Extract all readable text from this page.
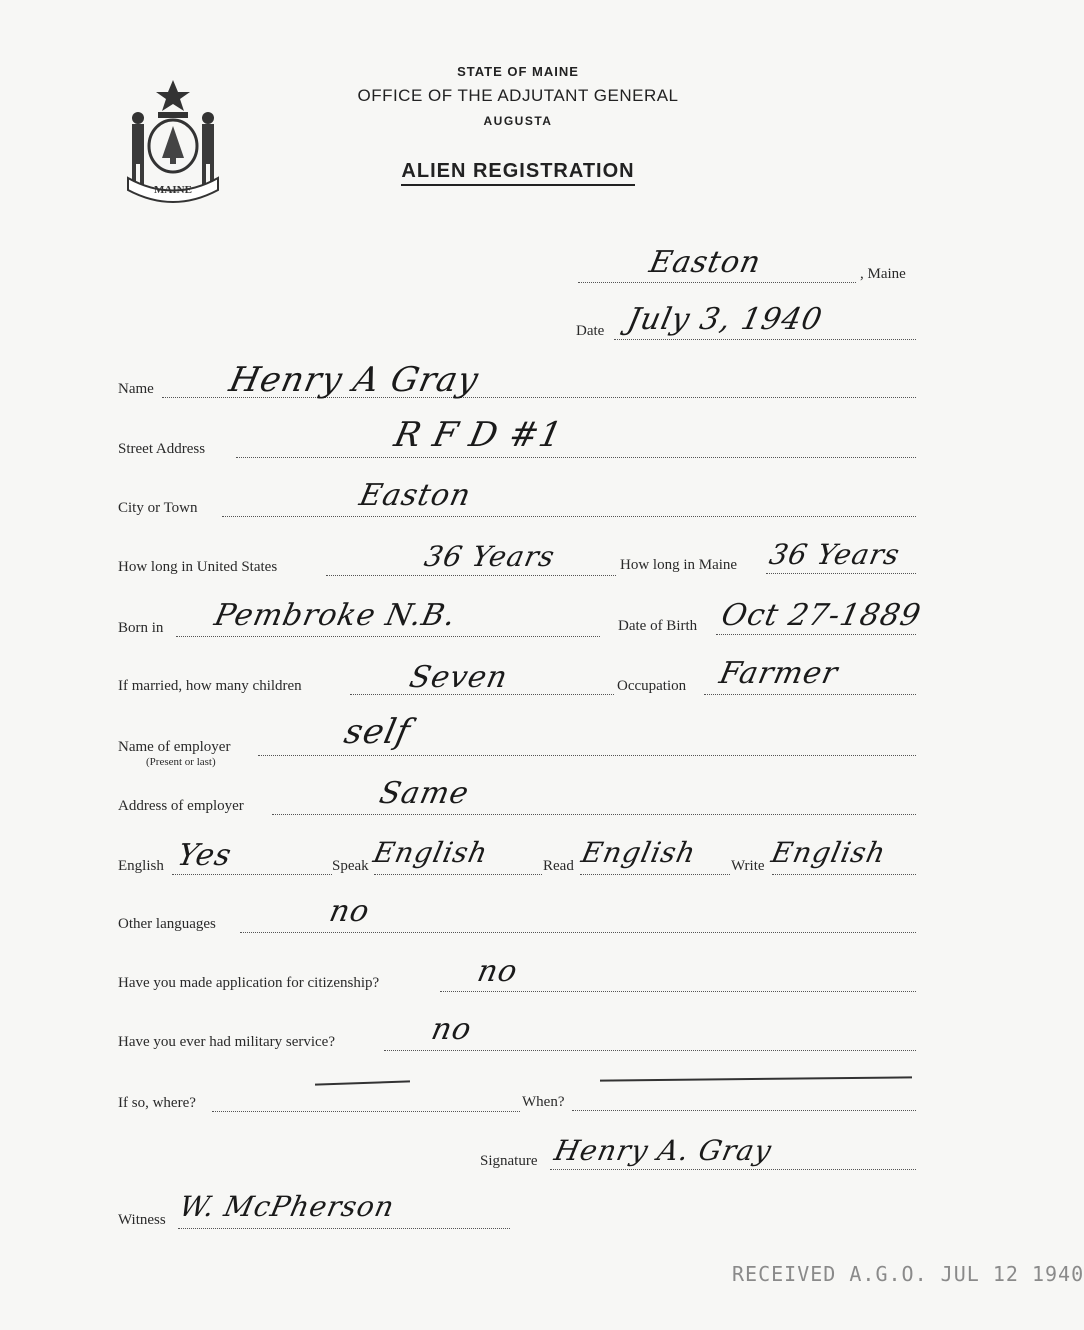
MAINE
STATE OF MAINE
OFFICE OF THE ADJUTANT GENERAL
AUGUSTA
ALIEN REGISTRATION
Easton	, Maine
Date July 3, 1940
Name Henry A Gray
Street Address	R F D #1
City or Town	Easton
How long in United States	36 Years	How long in Maine 36 Years
Born in Pembroke N.B.	Date of Birth Oct 27-1889
If married, how many children	Seven	Occupation Farmer
Name of employer
(Present or last)
self
Address of employer	Same
English Yes	Speak English	Read English Write English
Other languages	no
Have you made application for citizenship?	no
Have you ever had military service?	no
If so, where?	When?
Signature Henry A. Gray
Witness W. McPherson
RECEIVED A.G.O. JUL 12 1940
